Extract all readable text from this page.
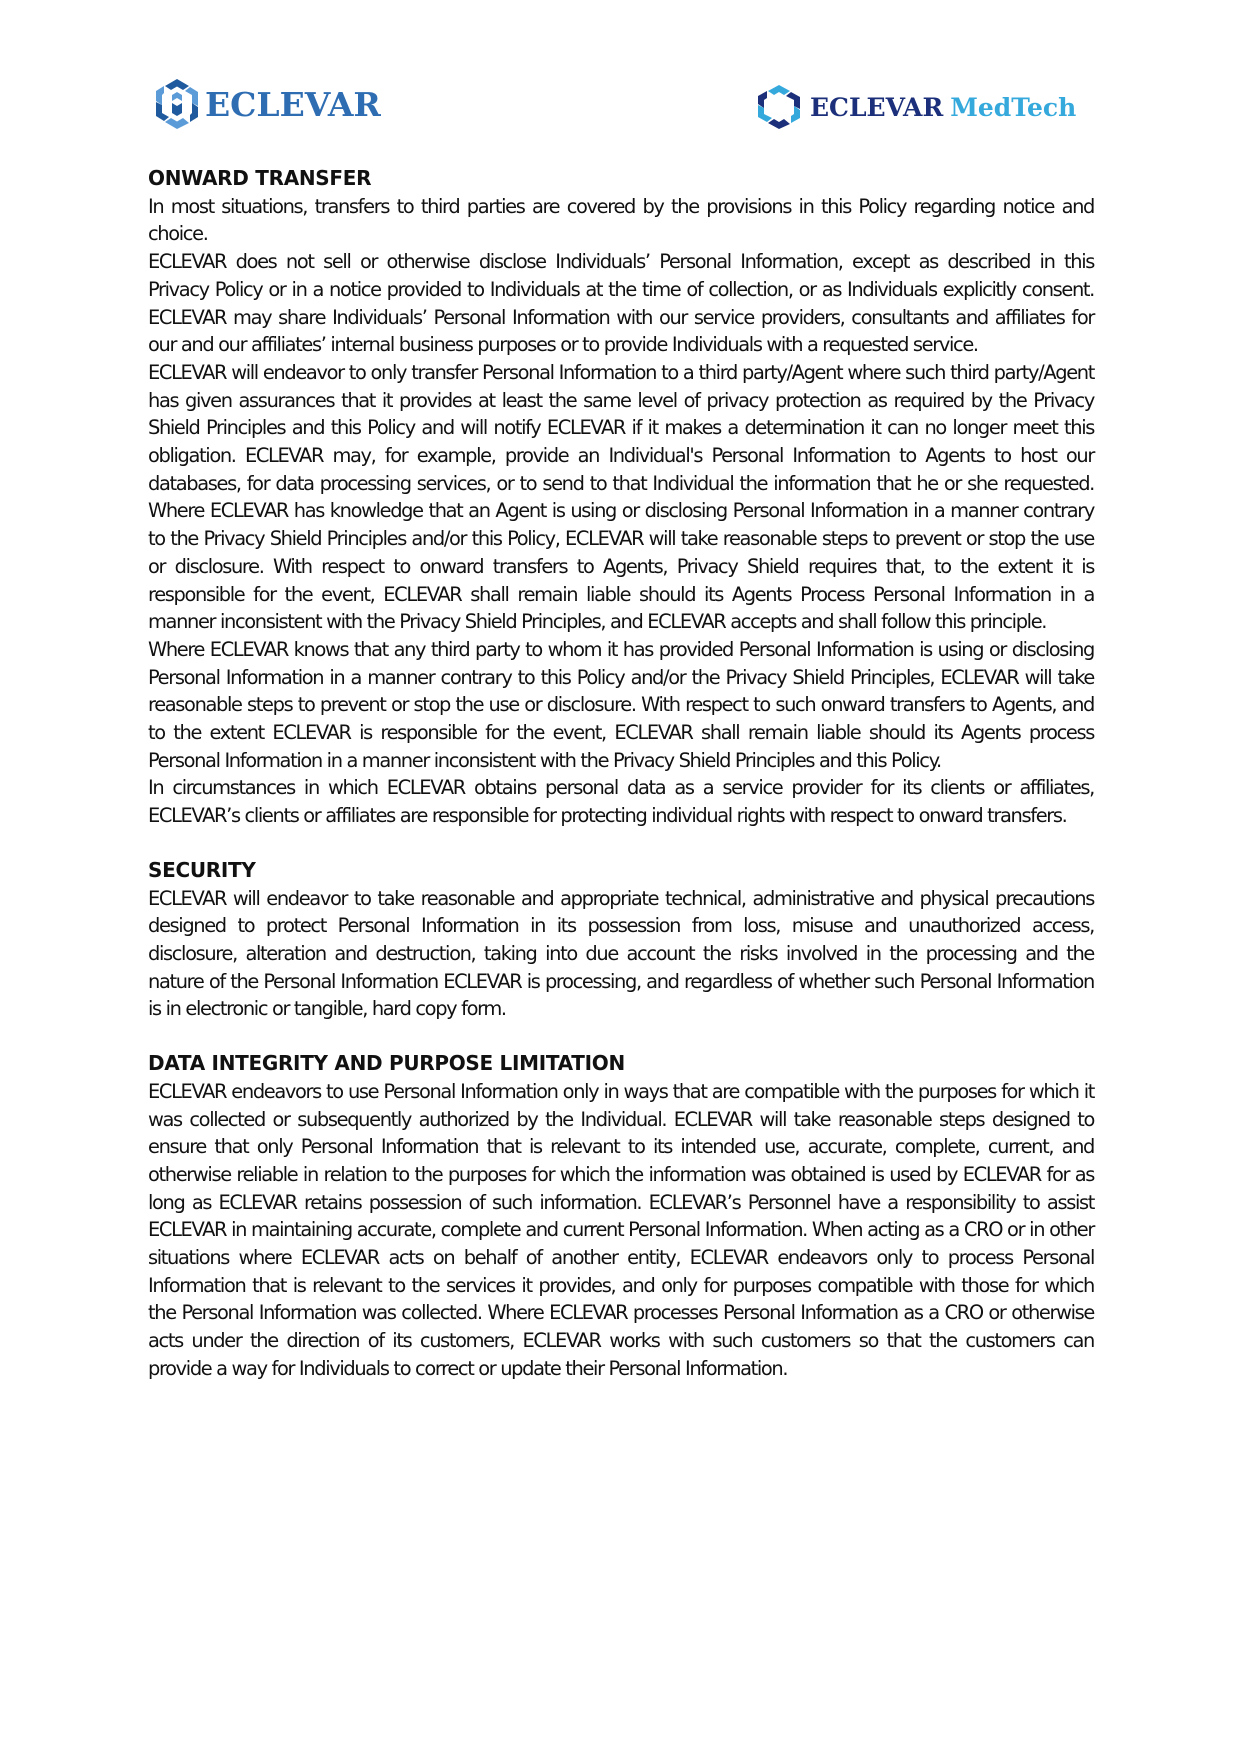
ECLEVAR	ECLEVAR MedTech
ONWARD TRANSFER

In most situations, transfers to third parties are covered by the provisions in this Policy regarding notice and choice.

ECLEVAR does not sell or otherwise disclose Individuals’ Personal Information, except as described in this Privacy Policy or in a notice provided to Individuals at the time of collection, or as Individuals explicitly consent. ECLEVAR may share Individuals’ Personal Information with our service providers, consultants and affiliates for our and our affiliates’ internal business purposes or to provide Individuals with a requested service.

ECLEVAR will endeavor to only transfer Personal Information to a third party/Agent where such third party/Agent has given assurances that it provides at least the same level of privacy protection as required by the Privacy Shield Principles and this Policy and will notify ECLEVAR if it makes a determination it can no longer meet this obligation. ECLEVAR may, for example, provide an Individual's Personal Information to Agents to host our databases, for data processing services, or to send to that Individual the information that he or she requested. Where ECLEVAR has knowledge that an Agent is using or disclosing Personal Information in a manner contrary to the Privacy Shield Principles and/or this Policy, ECLEVAR will take reasonable steps to prevent or stop the use or disclosure. With respect to onward transfers to Agents, Privacy Shield requires that, to the extent it is responsible for the event, ECLEVAR shall remain liable should its Agents Process Personal Information in a manner inconsistent with the Privacy Shield Principles, and ECLEVAR accepts and shall follow this principle.

Where ECLEVAR knows that any third party to whom it has provided Personal Information is using or disclosing Personal Information in a manner contrary to this Policy and/or the Privacy Shield Principles, ECLEVAR will take reasonable steps to prevent or stop the use or disclosure. With respect to such onward transfers to Agents, and to the extent ECLEVAR is responsible for the event, ECLEVAR shall remain liable should its Agents process Personal Information in a manner inconsistent with the Privacy Shield Principles and this Policy.

In circumstances in which ECLEVAR obtains personal data as a service provider for its clients or affiliates, ECLEVAR’s clients or affiliates are responsible for protecting individual rights with respect to onward transfers.

SECURITY

ECLEVAR will endeavor to take reasonable and appropriate technical, administrative and physical precautions designed to protect Personal Information in its possession from loss, misuse and unauthorized access, disclosure, alteration and destruction, taking into due account the risks involved in the processing and the nature of the Personal Information ECLEVAR is processing, and regardless of whether such Personal Information is in electronic or tangible, hard copy form.

DATA INTEGRITY AND PURPOSE LIMITATION

ECLEVAR endeavors to use Personal Information only in ways that are compatible with the purposes for which it was collected or subsequently authorized by the Individual. ECLEVAR will take reasonable steps designed to ensure that only Personal Information that is relevant to its intended use, accurate, complete, current, and otherwise reliable in relation to the purposes for which the information was obtained is used by ECLEVAR for as long as ECLEVAR retains possession of such information. ECLEVAR’s Personnel have a responsibility to assist ECLEVAR in maintaining accurate, complete and current Personal Information. When acting as a CRO or in other situations where ECLEVAR acts on behalf of another entity, ECLEVAR endeavors only to process Personal Information that is relevant to the services it provides, and only for purposes compatible with those for which the Personal Information was collected. Where ECLEVAR processes Personal Information as a CRO or otherwise acts under the direction of its customers, ECLEVAR works with such customers so that the customers can provide a way for Individuals to correct or update their Personal Information.
